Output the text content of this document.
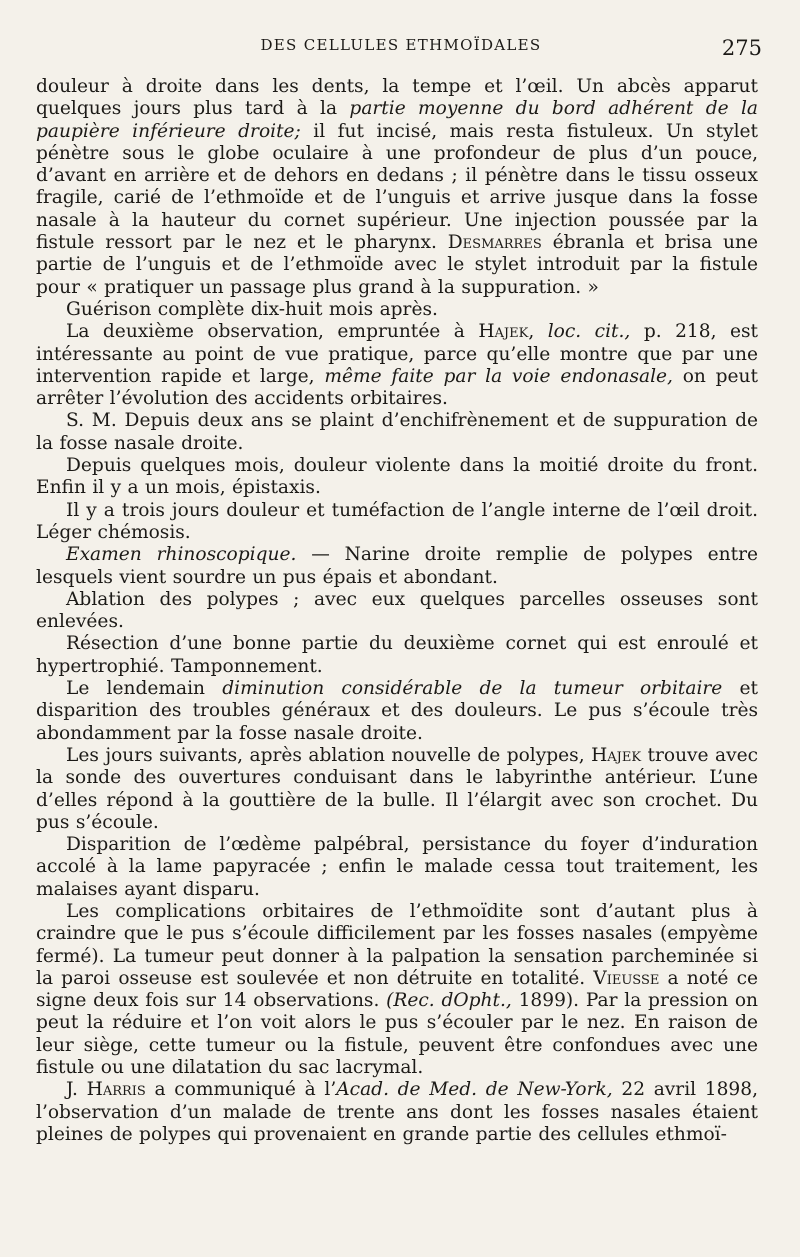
DES CELLULES ETHMOÏDALES	275

douleur à droite dans les dents, la tempe et l’œil. Un abcès apparut quelques jours plus tard à la partie moyenne du bord adhérent de la paupière inférieure droite; il fut incisé, mais resta fistuleux. Un stylet pénètre sous le globe oculaire à une profondeur de plus d’un pouce, d’avant en arrière et de dehors en dedans ; il pénètre dans le tissu osseux fragile, carié de l’ethmoïde et de l’unguis et arrive jusque dans la fosse nasale à la hauteur du cornet supérieur. Une injection poussée par la fistule ressort par le nez et le pharynx. Desmarres ébranla et brisa une partie de l’unguis et de l’ethmoïde avec le stylet introduit par la fistule pour « pratiquer un passage plus grand à la suppuration. »

Guérison complète dix-huit mois après.

La deuxième observation, empruntée à Hajek, loc. cit., p. 218, est intéressante au point de vue pratique, parce qu’elle montre que par une intervention rapide et large, même faite par la voie endonasale, on peut arrêter l’évolution des accidents orbitaires.

S. M. Depuis deux ans se plaint d’enchifrènement et de suppuration de la fosse nasale droite.

Depuis quelques mois, douleur violente dans la moitié droite du front. Enfin il y a un mois, épistaxis.

Il y a trois jours douleur et tuméfaction de l’angle interne de l’œil droit. Léger chémosis.

Examen rhinoscopique. — Narine droite remplie de polypes entre lesquels vient sourdre un pus épais et abondant.

Ablation des polypes ; avec eux quelques parcelles osseuses sont enlevées.

Résection d’une bonne partie du deuxième cornet qui est enroulé et hypertrophié. Tamponnement.

Le lendemain diminution considérable de la tumeur orbitaire et disparition des troubles généraux et des douleurs. Le pus s’écoule très abondamment par la fosse nasale droite.

Les jours suivants, après ablation nouvelle de polypes, Hajek trouve avec la sonde des ouvertures conduisant dans le labyrinthe antérieur. L’une d’elles répond à la gouttière de la bulle. Il l’élargit avec son crochet. Du pus s’écoule.

Disparition de l’œdème palpébral, persistance du foyer d’induration accolé à la lame papyracée ; enfin le malade cessa tout traitement, les malaises ayant disparu.

Les complications orbitaires de l’ethmoïdite sont d’autant plus à craindre que le pus s’écoule difficilement par les fosses nasales (empyème fermé). La tumeur peut donner à la palpation la sensation parcheminée si la paroi osseuse est soulevée et non détruite en totalité. Vieusse a noté ce signe deux fois sur 14 observations. (Rec. dOpht., 1899). Par la pression on peut la réduire et l’on voit alors le pus s’écouler par le nez. En raison de leur siège, cette tumeur ou la fistule, peuvent être confondues avec une fistule ou une dilatation du sac lacrymal.

J. Harris a communiqué à l’Acad. de Med. de New-York, 22 avril 1898, l’observation d’un malade de trente ans dont les fosses nasales étaient pleines de polypes qui provenaient en grande partie des cellules ethmoï-
